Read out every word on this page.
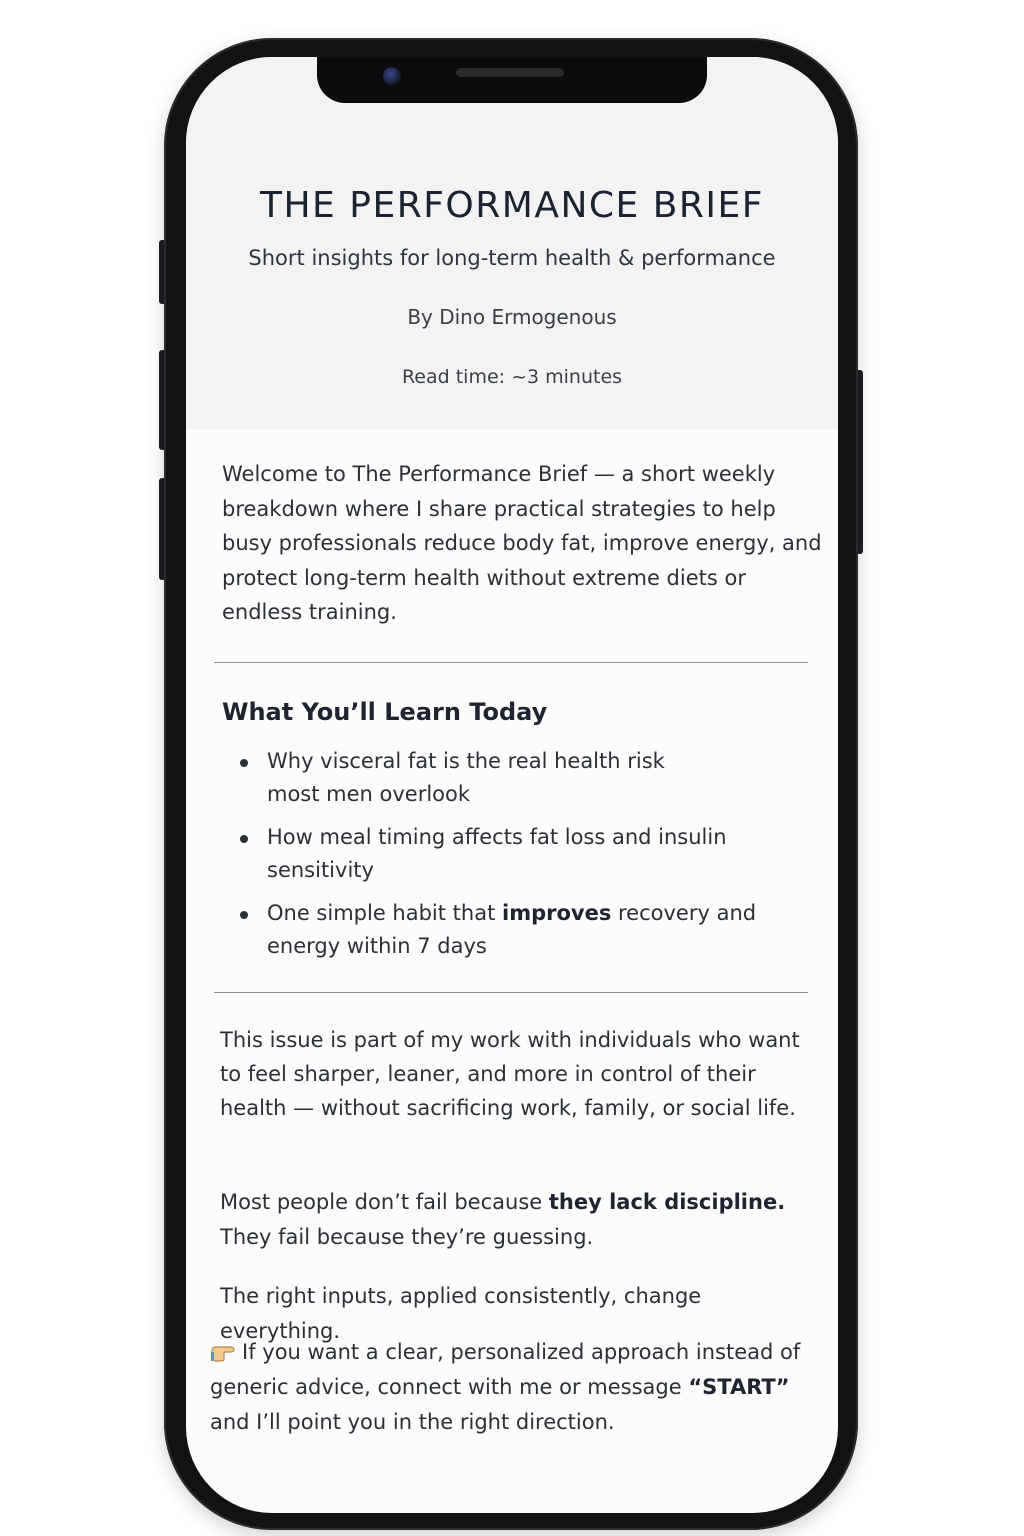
THE PERFORMANCE BRIEF
Short insights for long-term health & performance
By Dino Ermogenous
Read time: ~3 minutes

Welcome to The Performance Brief — a short weekly breakdown where I share practical strategies to help busy professionals reduce body fat, improve energy, and protect long-term health without extreme diets or endless training.

What You’ll Learn Today
Why visceral fat is the real health risk most men overlook
How meal timing affects fat loss and insulin sensitivity
One simple habit that improves recovery and energy within 7 days

This issue is part of my work with individuals who want to feel sharper, leaner, and more in control of their health — without sacrificing work, family, or social life.

Most people don’t fail because they lack discipline.
They fail because they’re guessing.

The right inputs, applied consistently, change everything.

If you want a clear, personalized approach instead of generic advice, connect with me or message “START” and I’ll point you in the right direction.
